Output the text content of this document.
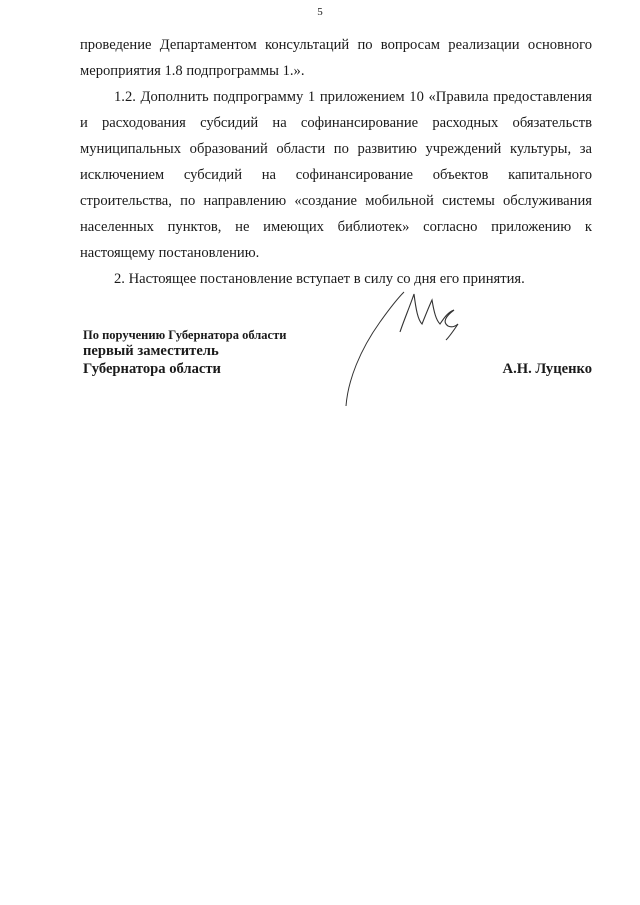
5

проведение Департаментом консультаций по вопросам реализации основного мероприятия 1.8 подпрограммы 1.».

1.2. Дополнить подпрограмму 1 приложением 10 «Правила предоставления и расходования субсидий на софинансирование расходных обязательств муниципальных образований области по развитию учреждений культуры, за исключением субсидий на софинансирование объектов капитального строительства, по направлению «создание мобильной системы обслуживания населенных пунктов, не имеющих библиотек» согласно приложению к настоящему постановлению.

2. Настоящее постановление вступает в силу со дня его принятия.

По поручению Губернатора области
первый заместитель
Губернатора области	А.Н. Луценко
